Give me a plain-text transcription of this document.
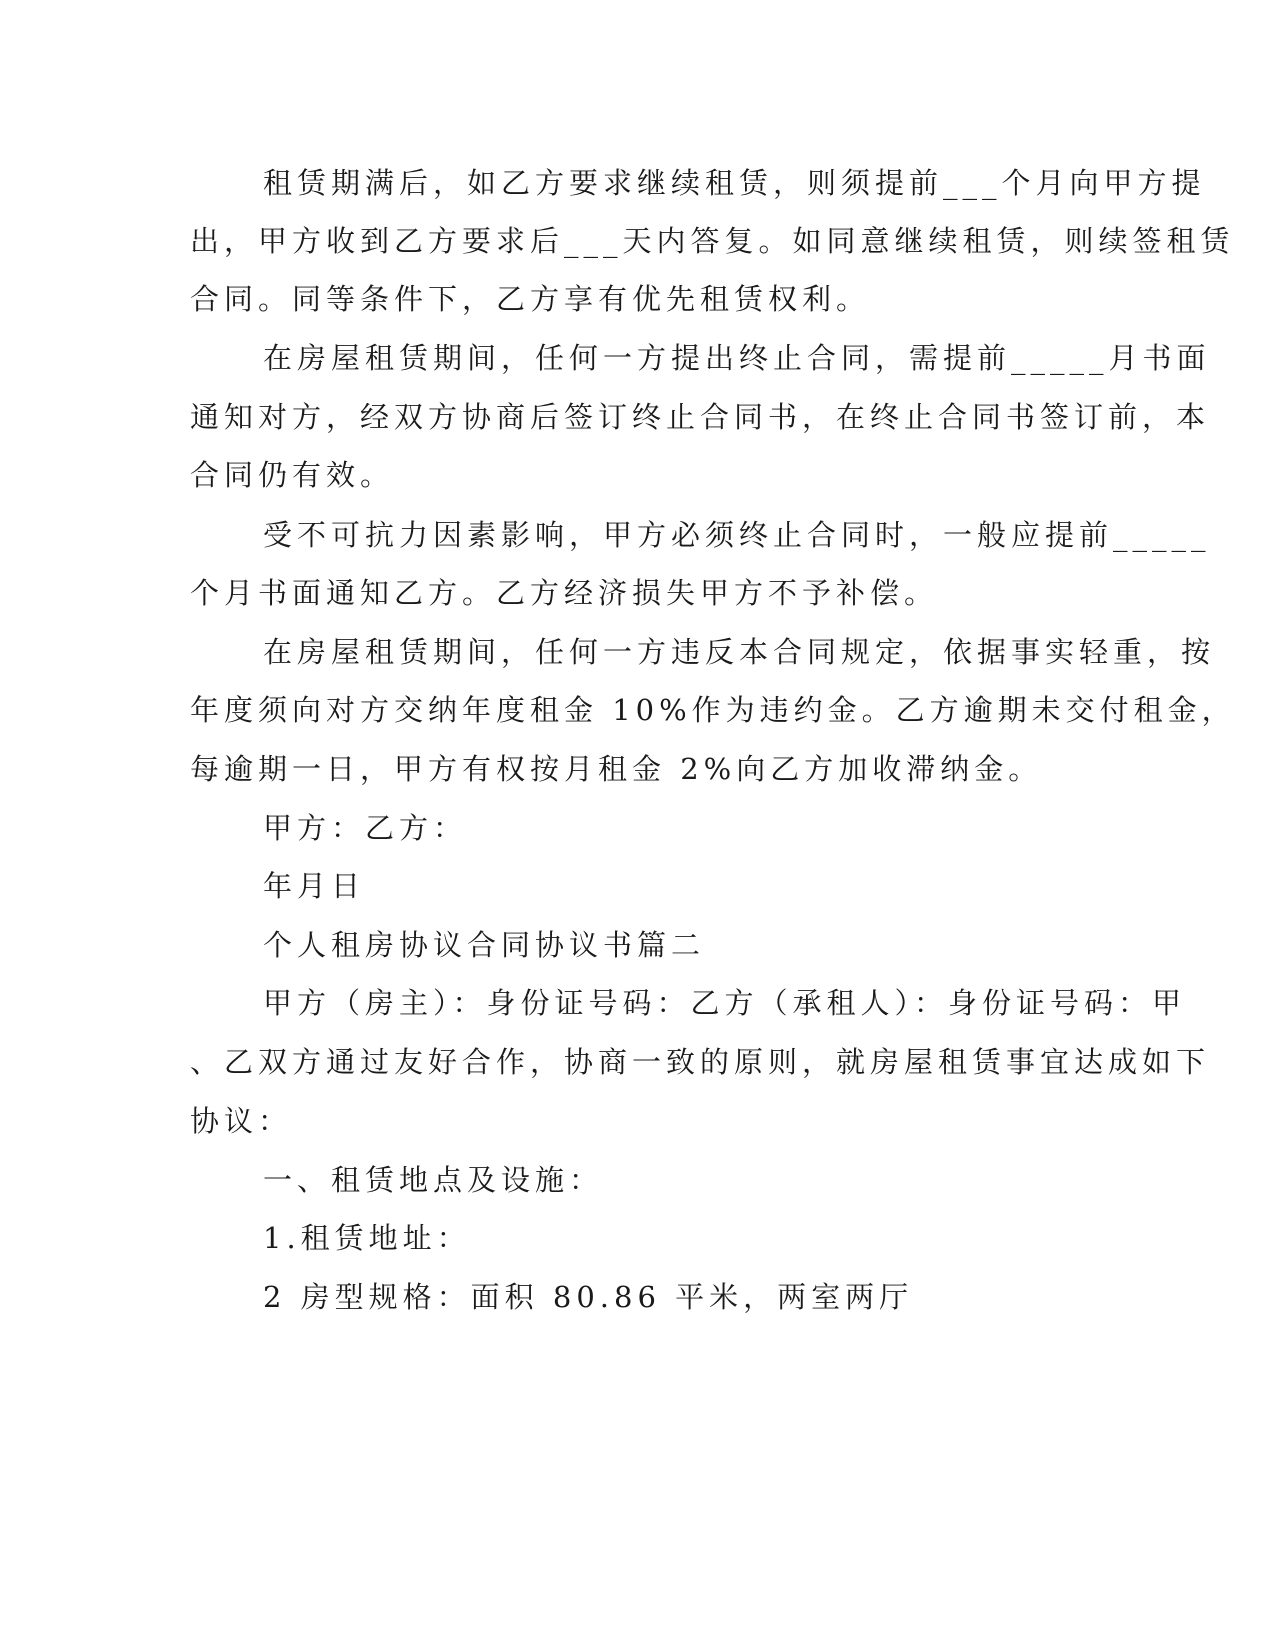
租赁期满后，如乙方要求继续租赁，则须提前___个月向甲方提
出，甲方收到乙方要求后___天内答复。如同意继续租赁，则续签租赁
合同。同等条件下，乙方享有优先租赁权利。
在房屋租赁期间，任何一方提出终止合同，需提前_____月书面
通知对方，经双方协商后签订终止合同书，在终止合同书签订前，本
合同仍有效。
受不可抗力因素影响，甲方必须终止合同时，一般应提前_____
个月书面通知乙方。乙方经济损失甲方不予补偿。
在房屋租赁期间，任何一方违反本合同规定，依据事实轻重，按
年度须向对方交纳年度租金 10%作为违约金。乙方逾期未交付租金，
每逾期一日，甲方有权按月租金 2%向乙方加收滞纳金。
甲方：乙方：
年月日
个人租房协议合同协议书篇二
甲方（房主）：身份证号码：乙方（承租人）：身份证号码：甲
、乙双方通过友好合作，协商一致的原则，就房屋租赁事宜达成如下
协议：
一、租赁地点及设施：
1.租赁地址：
2 房型规格：面积 80.86 平米，两室两厅
